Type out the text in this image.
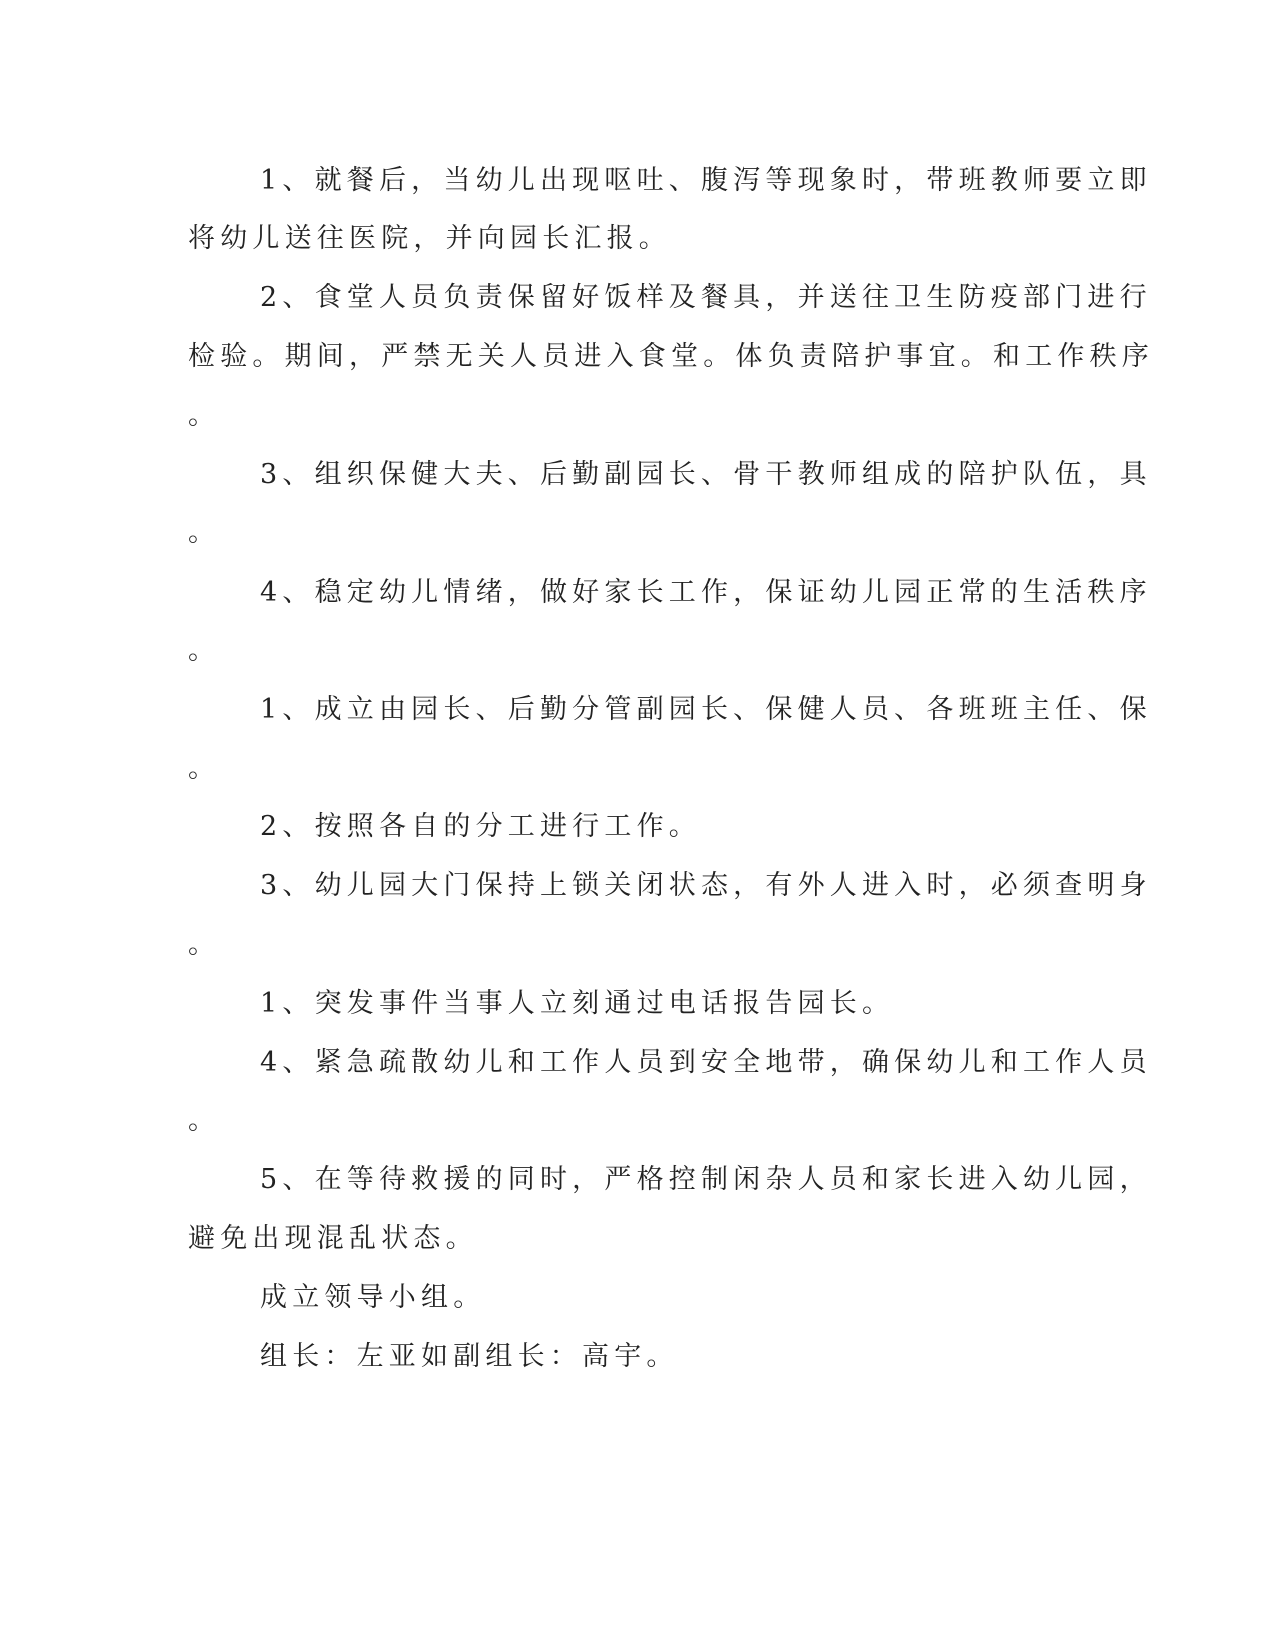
1、就餐后，当幼儿出现呕吐、腹泻等现象时，带班教师要立即
将幼儿送往医院，并向园长汇报。
2、食堂人员负责保留好饭样及餐具，并送往卫生防疫部门进行
检验。期间，严禁无关人员进入食堂。体负责陪护事宜。和工作秩序
。
3、组织保健大夫、后勤副园长、骨干教师组成的陪护队伍，具
。
4、稳定幼儿情绪，做好家长工作，保证幼儿园正常的生活秩序
。
1、成立由园长、后勤分管副园长、保健人员、各班班主任、保
。
2、按照各自的分工进行工作。
3、幼儿园大门保持上锁关闭状态，有外人进入时，必须查明身
。
1、突发事件当事人立刻通过电话报告园长。
4、紧急疏散幼儿和工作人员到安全地带，确保幼儿和工作人员
。
5、在等待救援的同时，严格控制闲杂人员和家长进入幼儿园，
避免出现混乱状态。
成立领导小组。
组长：左亚如副组长：高宇。
